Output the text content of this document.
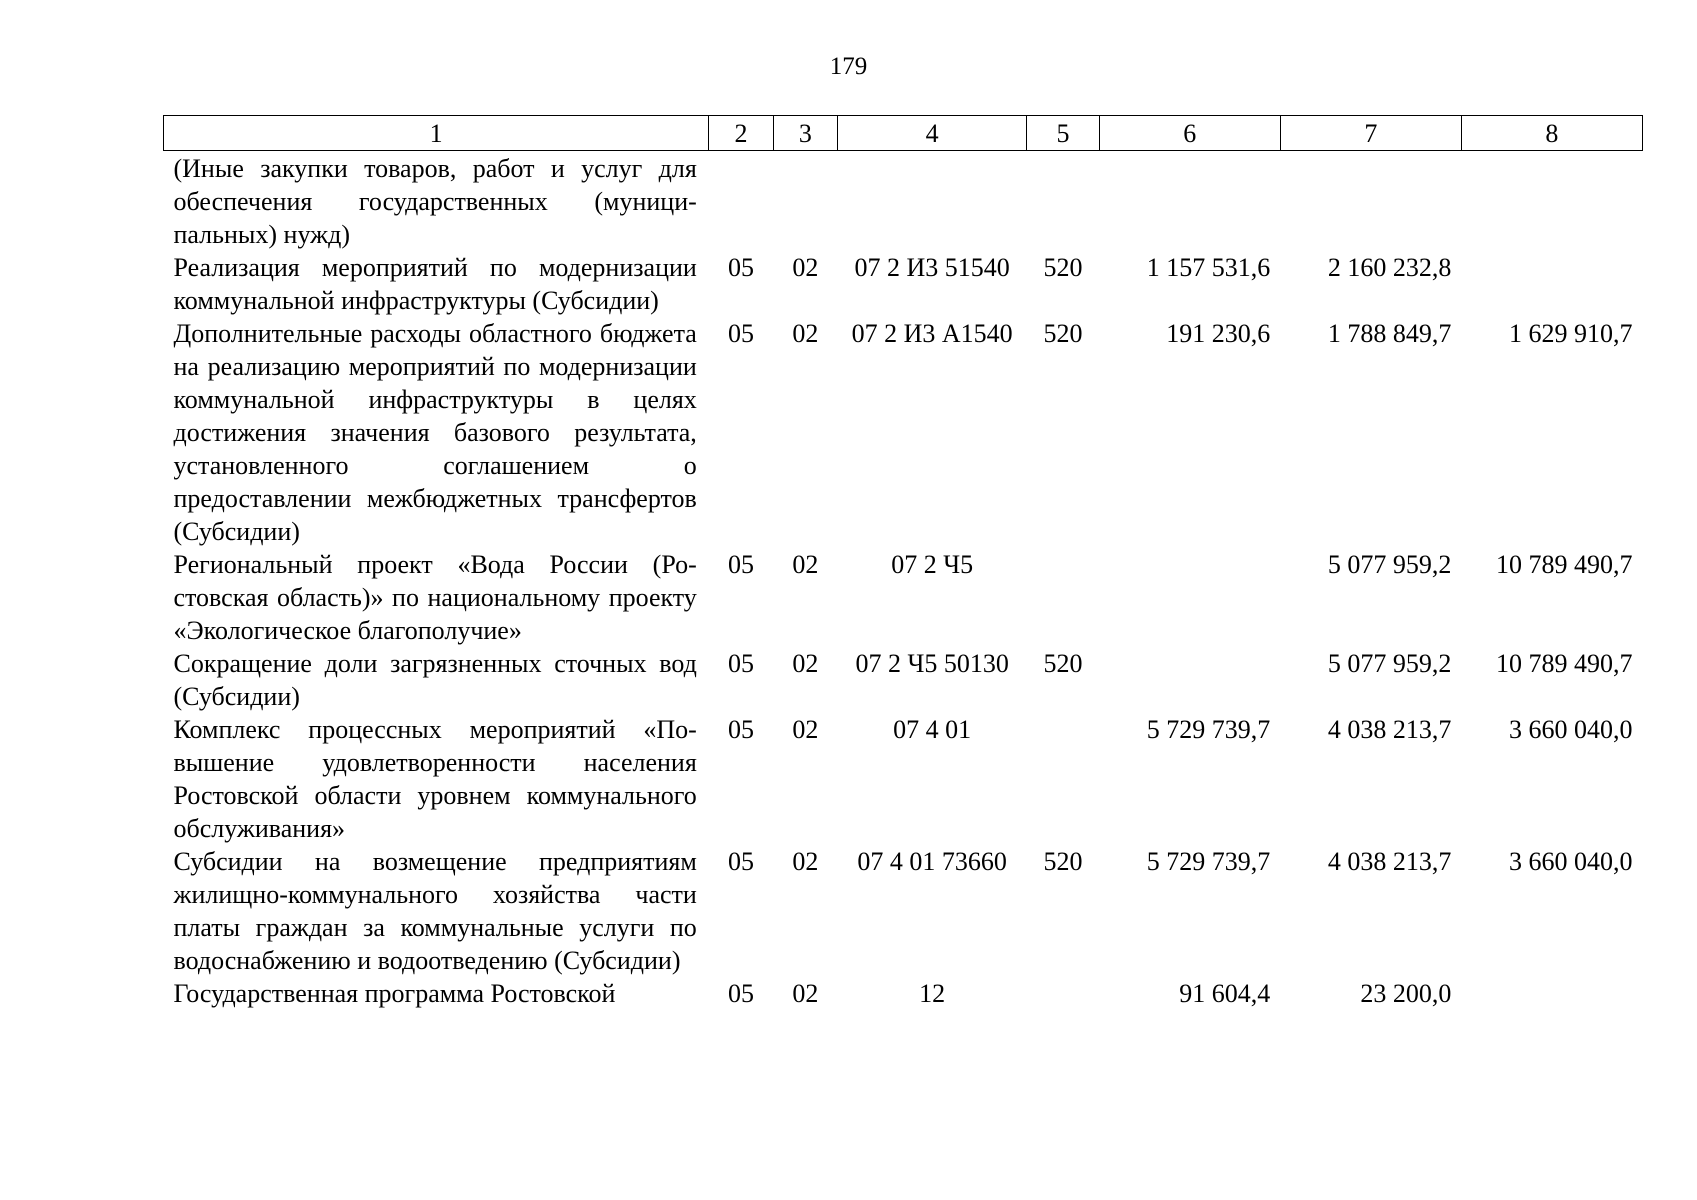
179
1	2	3	4	5	6	7	8
(Иные закупки товаров, работ и услуг для обеспечения государственных (муниципальных) нужд)							
Реализация мероприятий по модернизации коммунальной инфраструктуры (Субсидии)	05	02	07 2 И3 51540	520	1 157 531,6	2 160 232,8	
Дополнительные расходы областного бюджета на реализацию мероприятий по модернизации коммунальной инфраструктуры в целях достижения значения базового результата, установленного соглашением о предоставлении межбюджетных трансфертов (Субсидии)	05	02	07 2 И3 А1540	520	191 230,6	1 788 849,7	1 629 910,7
Региональный проект «Вода России (Ростовская область)» по национальному проекту «Экологическое благополучие»	05	02	07 2 Ч5			5 077 959,2	10 789 490,7
Сокращение доли загрязненных сточных вод (Субсидии)	05	02	07 2 Ч5 50130	520		5 077 959,2	10 789 490,7
Комплекс процессных мероприятий «Повышение удовлетворенности населения Ростовской области уровнем коммунального обслуживания»	05	02	07 4 01		5 729 739,7	4 038 213,7	3 660 040,0
Субсидии на возмещение предприятиям жилищно-коммунального хозяйства части платы граждан за коммунальные услуги по водоснабжению и водоотведению (Субсидии)	05	02	07 4 01 73660	520	5 729 739,7	4 038 213,7	3 660 040,0
Государственная программа Ростовской	05	02	12		91 604,4	23 200,0	
